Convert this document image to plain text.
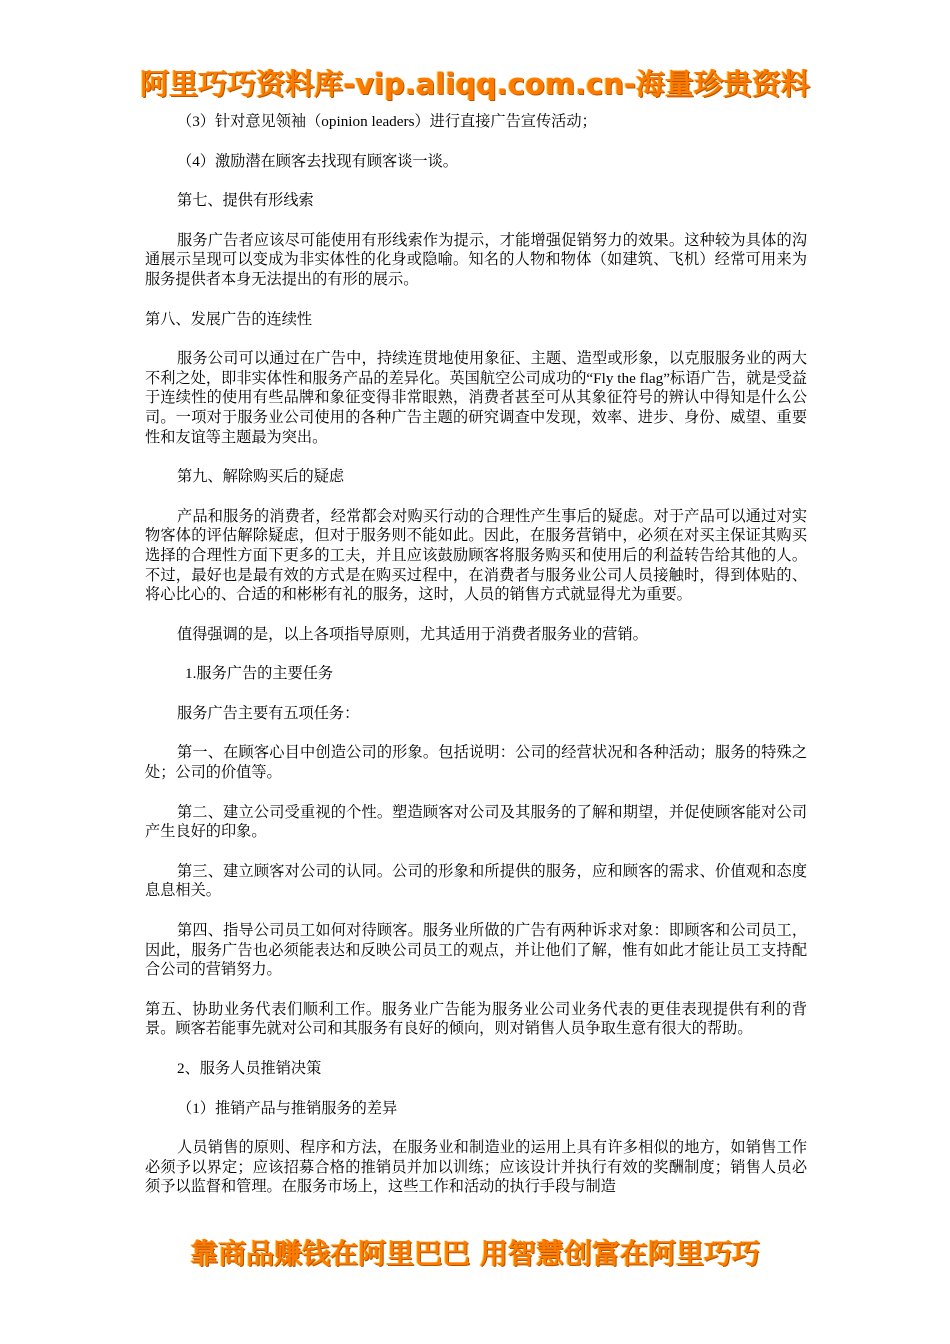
阿里巧巧资料库-vip.aliqq.com.cn-海量珍贵资料

（3）针对意见领袖（opinion leaders）进行直接广告宣传活动；

（4）激励潜在顾客去找现有顾客谈一谈。

第七、提供有形线索

服务广告者应该尽可能使用有形线索作为提示，才能增强促销努力的效果。这种较为具体的沟通展示呈现可以变成为非实体性的化身或隐喻。知名的人物和物体（如建筑、飞机）经常可用来为服务提供者本身无法提出的有形的展示。

第八、发展广告的连续性

服务公司可以通过在广告中，持续连贯地使用象征、主题、造型或形象，以克服服务业的两大不利之处，即非实体性和服务产品的差异化。英国航空公司成功的“Fly the flag”标语广告，就是受益于连续性的使用有些品牌和象征变得非常眼熟，消费者甚至可从其象征符号的辨认中得知是什么公司。一项对于服务业公司使用的各种广告主题的研究调查中发现，效率、进步、身份、威望、重要性和友谊等主题最为突出。

第九、解除购买后的疑虑

产品和服务的消费者，经常都会对购买行动的合理性产生事后的疑虑。对于产品可以通过对实物客体的评估解除疑虑，但对于服务则不能如此。因此，在服务营销中，必须在对买主保证其购买选择的合理性方面下更多的工夫，并且应该鼓励顾客将服务购买和使用后的利益转告给其他的人。不过，最好也是最有效的方式是在购买过程中，在消费者与服务业公司人员接触时，得到体贴的、将心比心的、合适的和彬彬有礼的服务，这时，人员的销售方式就显得尤为重要。

值得强调的是，以上各项指导原则，尤其适用于消费者服务业的营销。

1.服务广告的主要任务

服务广告主要有五项任务：

第一、在顾客心目中创造公司的形象。包括说明：公司的经营状况和各种活动；服务的特殊之处；公司的价值等。

第二、建立公司受重视的个性。塑造顾客对公司及其服务的了解和期望，并促使顾客能对公司产生良好的印象。

第三、建立顾客对公司的认同。公司的形象和所提供的服务，应和顾客的需求、价值观和态度息息相关。

第四、指导公司员工如何对待顾客。服务业所做的广告有两种诉求对象：即顾客和公司员工，因此，服务广告也必须能表达和反映公司员工的观点，并让他们了解，惟有如此才能让员工支持配合公司的营销努力。

第五、协助业务代表们顺利工作。服务业广告能为服务业公司业务代表的更佳表现提供有利的背景。顾客若能事先就对公司和其服务有良好的倾向，则对销售人员争取生意有很大的帮助。

2、服务人员推销决策

（1）推销产品与推销服务的差异

人员销售的原则、程序和方法，在服务业和制造业的运用上具有许多相似的地方，如销售工作必须予以界定；应该招募合格的推销员并加以训练；应该设计并执行有效的奖酬制度；销售人员必须予以监督和管理。在服务市场上，这些工作和活动的执行手段与制造

靠商品赚钱在阿里巴巴 用智慧创富在阿里巧巧
